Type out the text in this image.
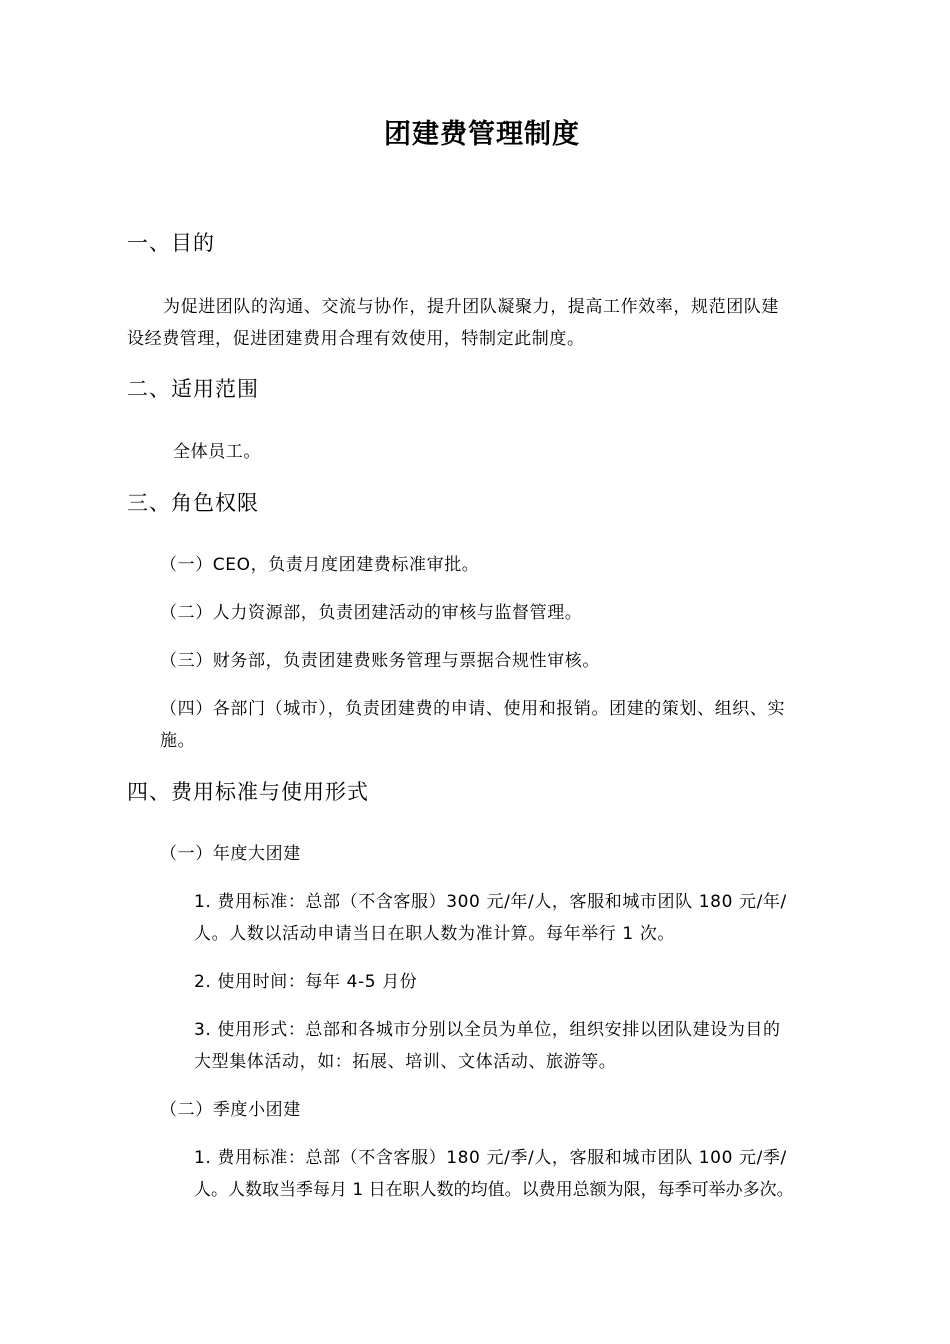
团建费管理制度
一、目的
为促进团队的沟通、交流与协作，提升团队凝聚力，提高工作效率，规范团队建
设经费管理，促进团建费用合理有效使用，特制定此制度。
二、适用范围
全体员工。
三、角色权限
（一）CEO，负责月度团建费标准审批。
（二）人力资源部，负责团建活动的审核与监督管理。
（三）财务部，负责团建费账务管理与票据合规性审核。
（四）各部门（城市），负责团建费的申请、使用和报销。团建的策划、组织、实
施。
四、费用标准与使用形式
（一）年度大团建
1. 费用标准：总部（不含客服）300 元/年/人，客服和城市团队 180 元/年/
人。人数以活动申请当日在职人数为准计算。每年举行 1 次。
2. 使用时间：每年 4-5 月份
3. 使用形式：总部和各城市分别以全员为单位，组织安排以团队建设为目的
大型集体活动，如：拓展、培训、文体活动、旅游等。
（二）季度小团建
1. 费用标准：总部（不含客服）180 元/季/人，客服和城市团队 100 元/季/
人。人数取当季每月 1 日在职人数的均值。以费用总额为限，每季可举办多次。
